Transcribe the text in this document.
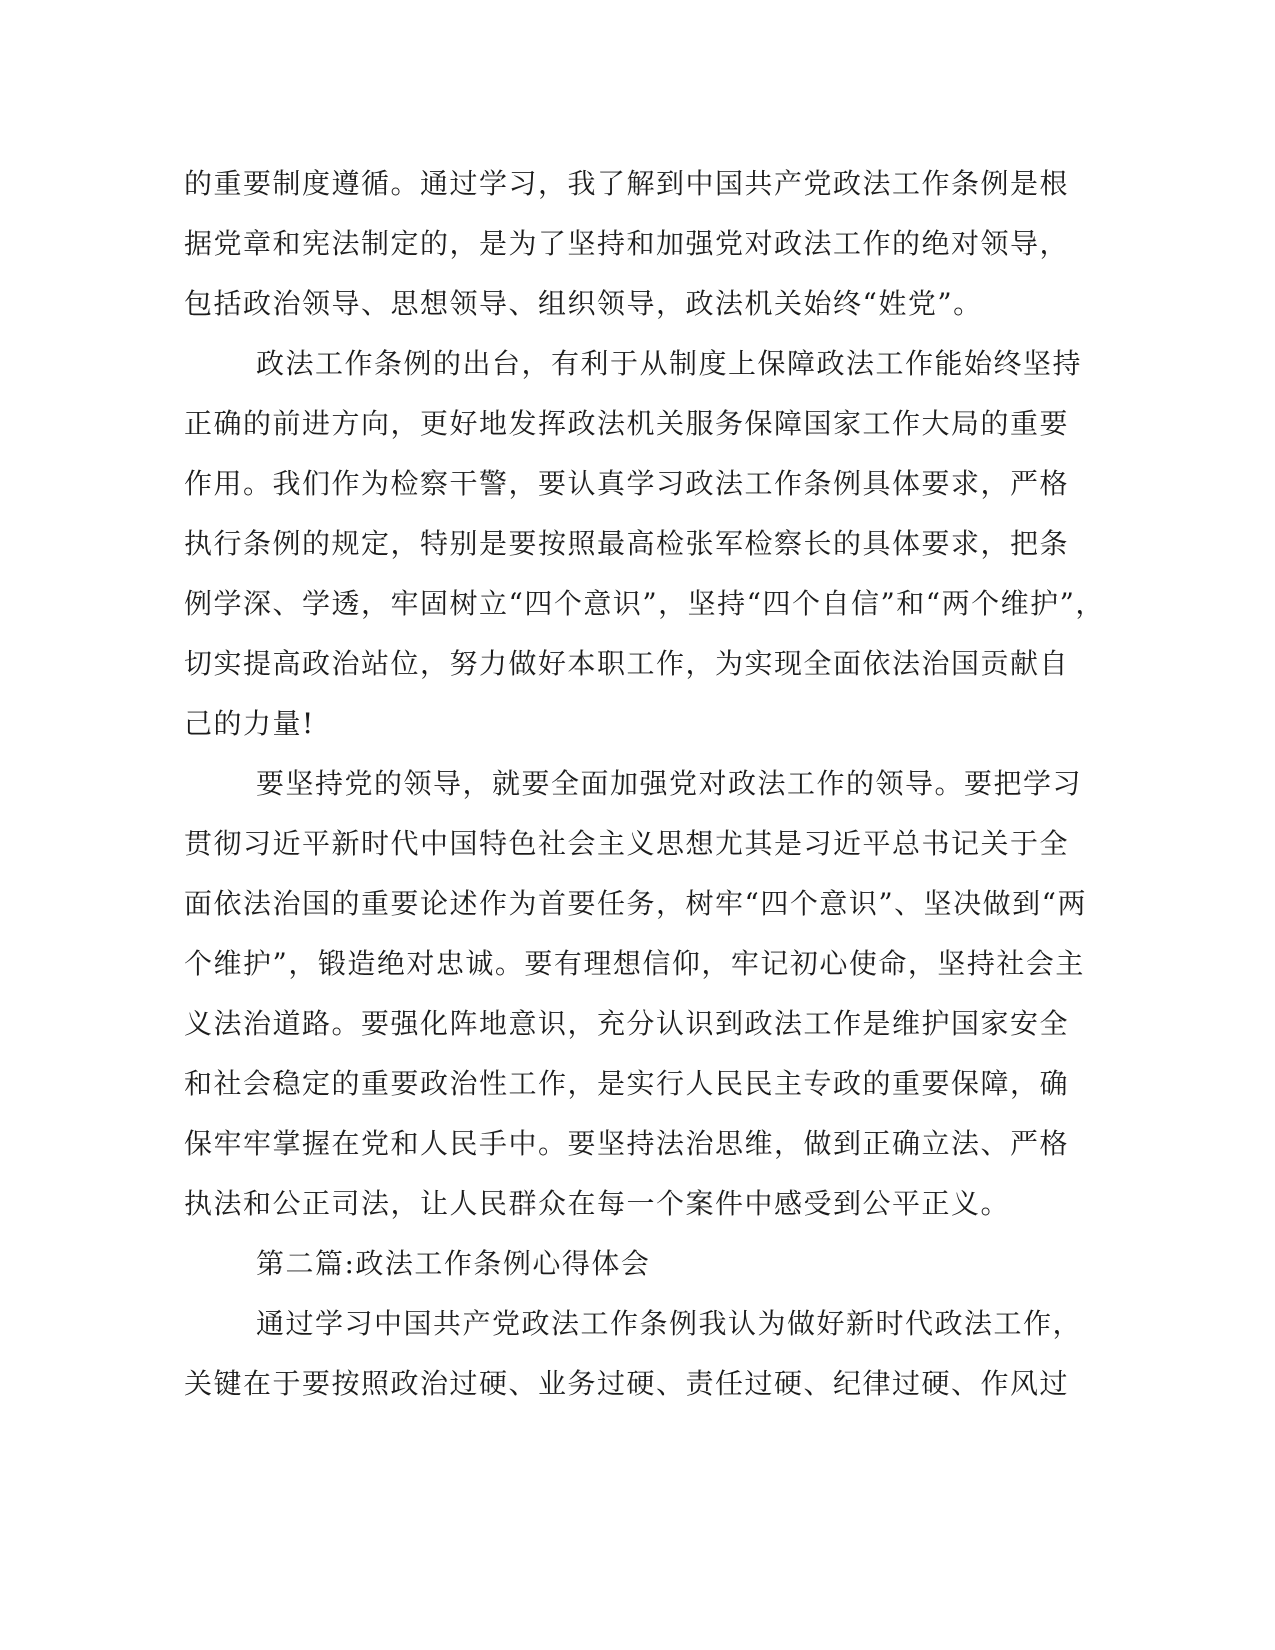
的重要制度遵循。通过学习，我了解到中国共产党政法工作条例是根
据党章和宪法制定的，是为了坚持和加强党对政法工作的绝对领导，
包括政治领导、思想领导、组织领导，政法机关始终“姓党”。
政法工作条例的出台，有利于从制度上保障政法工作能始终坚持
正确的前进方向，更好地发挥政法机关服务保障国家工作大局的重要
作用。我们作为检察干警，要认真学习政法工作条例具体要求，严格
执行条例的规定，特别是要按照最高检张军检察长的具体要求，把条
例学深、学透，牢固树立“四个意识”，坚持“四个自信”和“两个维护”，
切实提高政治站位，努力做好本职工作，为实现全面依法治国贡献自
己的力量!
要坚持党的领导，就要全面加强党对政法工作的领导。要把学习
贯彻习近平新时代中国特色社会主义思想尤其是习近平总书记关于全
面依法治国的重要论述作为首要任务，树牢“四个意识”、坚决做到“两
个维护”，锻造绝对忠诚。要有理想信仰，牢记初心使命，坚持社会主
义法治道路。要强化阵地意识，充分认识到政法工作是维护国家安全
和社会稳定的重要政治性工作，是实行人民民主专政的重要保障，确
保牢牢掌握在党和人民手中。要坚持法治思维，做到正确立法、严格
执法和公正司法，让人民群众在每一个案件中感受到公平正义。
第二篇:政法工作条例心得体会
通过学习中国共产党政法工作条例我认为做好新时代政法工作，
关键在于要按照政治过硬、业务过硬、责任过硬、纪律过硬、作风过
